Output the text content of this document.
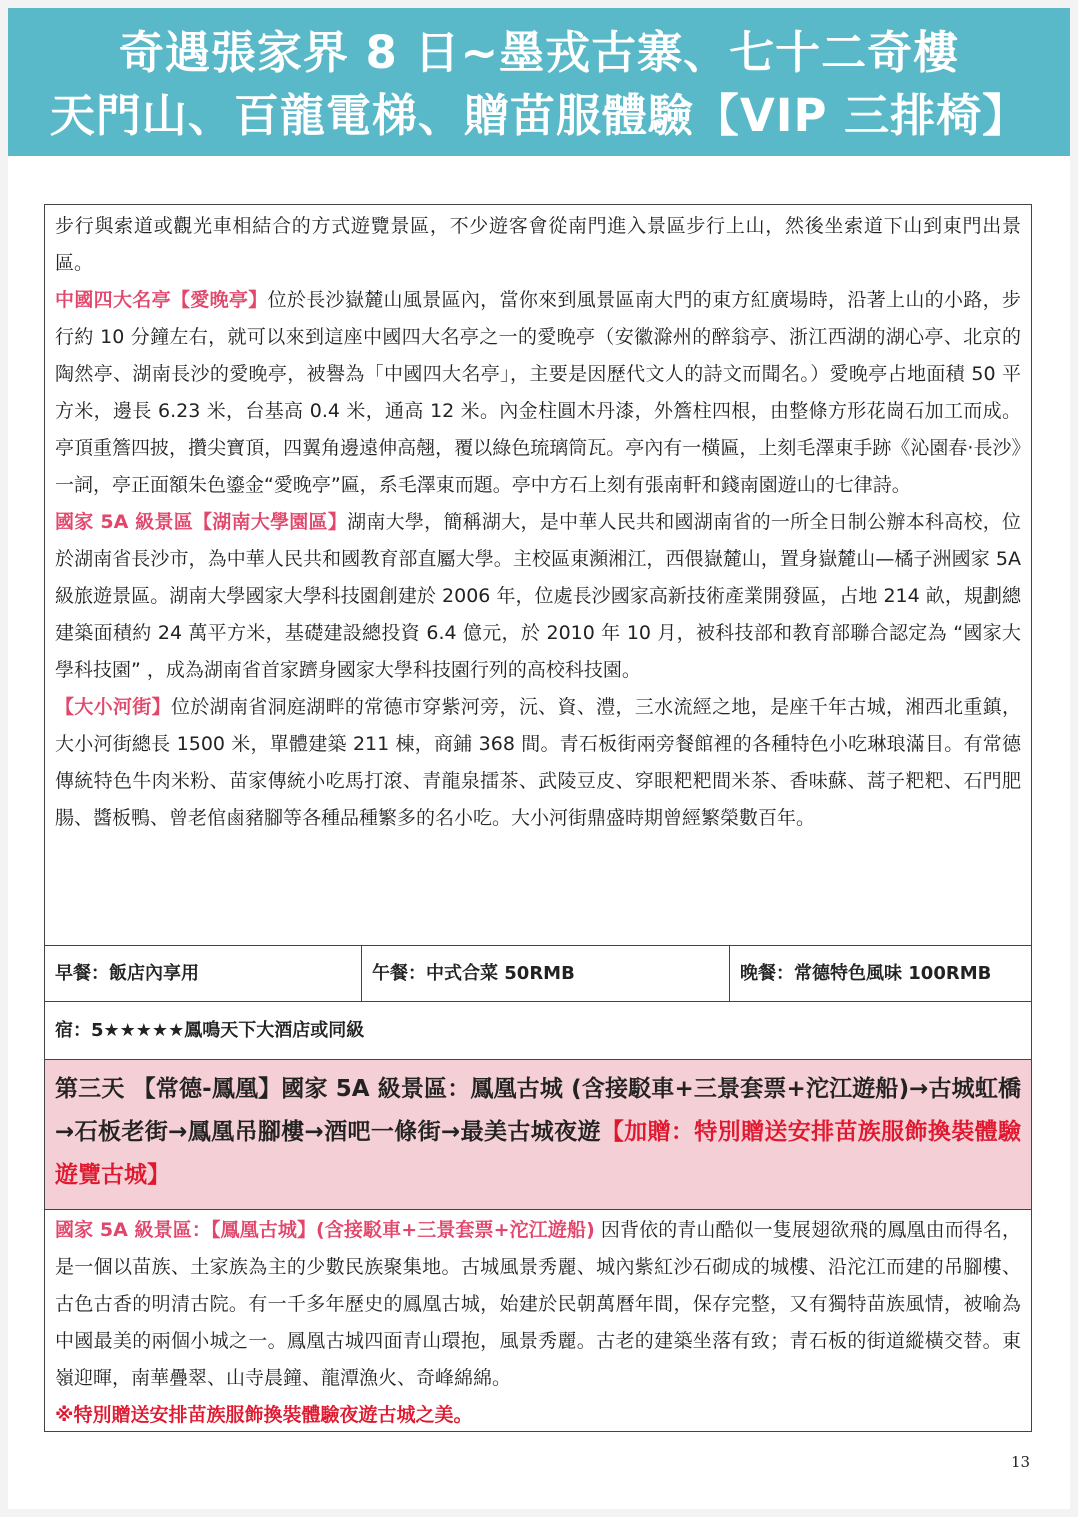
奇遇張家界 8 日~墨戎古寨、七十二奇樓
天門山、百龍電梯、贈苗服體驗【VIP 三排椅】
步行與索道或觀光車相結合的方式遊覽景區，不少遊客會從南門進入景區步行上山，然後坐索道下山到東門出景區。
中國四大名亭【愛晚亭】位於長沙嶽麓山風景區內，當你來到風景區南大門的東方紅廣場時，沿著上山的小路，步行約 10 分鐘左右，就可以來到這座中國四大名亭之一的愛晚亭（安徽滁州的醉翁亭、浙江西湖的湖心亭、北京的陶然亭、湖南長沙的愛晚亭，被譽為「中國四大名亭」，主要是因歷代文人的詩文而聞名。）愛晚亭占地面積 50 平方米，邊長 6.23 米，台基高 0.4 米，通高 12 米。內金柱圓木丹漆，外簷柱四根，由整條方形花崗石加工而成。亭頂重簷四披，攢尖寶頂，四翼角邊遠伸高翹，覆以綠色琉璃筒瓦。亭內有一橫匾，上刻毛澤東手跡《沁園春·長沙》一詞，亭正面額朱色鎏金“愛晚亭”匾，系毛澤東而題。亭中方石上刻有張南軒和錢南園遊山的七律詩。
國家 5A 級景區【湖南大學園區】湖南大學，簡稱湖大，是中華人民共和國湖南省的一所全日制公辦本科高校，位於湖南省長沙市，為中華人民共和國教育部直屬大學。主校區東瀕湘江，西偎嶽麓山，置身嶽麓山—橘子洲國家 5A 級旅遊景區。湖南大學國家大學科技園創建於 2006 年，位處長沙國家高新技術產業開發區，占地 214 畝，規劃總建築面積約 24 萬平方米，基礎建設總投資 6.4 億元，於 2010 年 10 月，被科技部和教育部聯合認定為 “國家大學科技園” ，成為湖南省首家躋身國家大學科技園行列的高校科技園。
【大小河街】位於湖南省洞庭湖畔的常德市穿紫河旁，沅、資、澧，三水流經之地，是座千年古城，湘西北重鎮，大小河街總長 1500 米，單體建築 211 棟，商鋪 368 間。青石板街兩旁餐館裡的各種特色小吃琳琅滿目。有常德傳統特色牛肉米粉、苗家傳統小吃馬打滾、青龍泉擂茶、武陵豆皮、穿眼粑粑間米茶、香味蘇、蒿子粑粑、石門肥腸、醬板鴨、曾老倌鹵豬腳等各種品種繁多的名小吃。大小河街鼎盛時期曾經繁榮數百年。
早餐：飯店內享用	午餐：中式合菜 50RMB	晚餐：常德特色風味 100RMB
宿：5★★★★★鳳鳴天下大酒店或同級
第三天 【常德-鳳凰】國家 5A 級景區：鳳凰古城 (含接駁車+三景套票+沱江遊船)→古城虹橋→石板老街→鳳凰吊腳樓→酒吧一條街→最美古城夜遊【加贈：特別贈送安排苗族服飾換裝體驗遊覽古城】
國家 5A 級景區：【鳳凰古城】(含接駁車+三景套票+沱江遊船) 因背依的青山酷似一隻展翅欲飛的鳳凰由而得名，是一個以苗族、土家族為主的少數民族聚集地。古城風景秀麗、城內紫紅沙石砌成的城樓、沿沱江而建的吊腳樓、古色古香的明清古院。有一千多年歷史的鳳凰古城，始建於民朝萬曆年間，保存完整，又有獨特苗族風情，被喻為中國最美的兩個小城之一。鳳凰古城四面青山環抱，風景秀麗。古老的建築坐落有致；青石板的街道縱橫交替。東嶺迎暉，南華疊翠、山寺晨鐘、龍潭漁火、奇峰綿綿。
※特別贈送安排苗族服飾換裝體驗夜遊古城之美。
13
